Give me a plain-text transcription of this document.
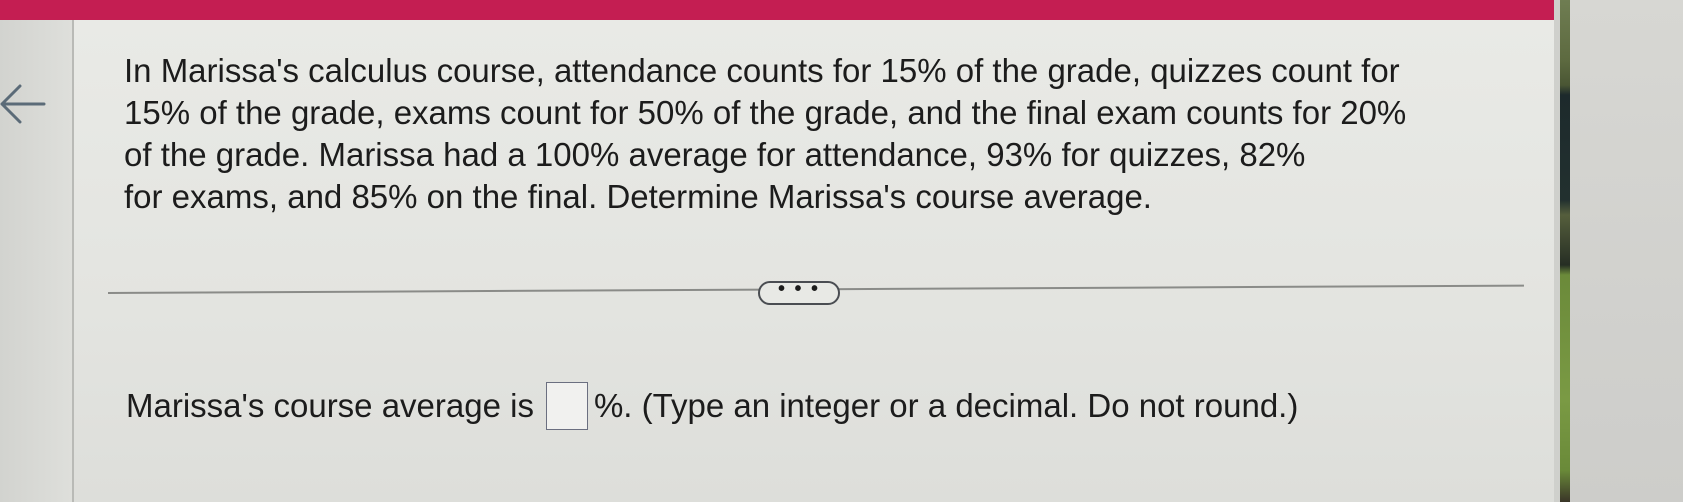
In Marissa's calculus course, attendance counts for 15% of the grade, quizzes count for
15% of the grade, exams count for 50% of the grade, and the final exam counts for 20%
of the grade. Marissa had a 100% average for attendance, 93% for quizzes, 82%
for exams, and 85% on the final. Determine Marissa's course average.

• • •
Marissa's course average is %. (Type an integer or a decimal. Do not round.)
